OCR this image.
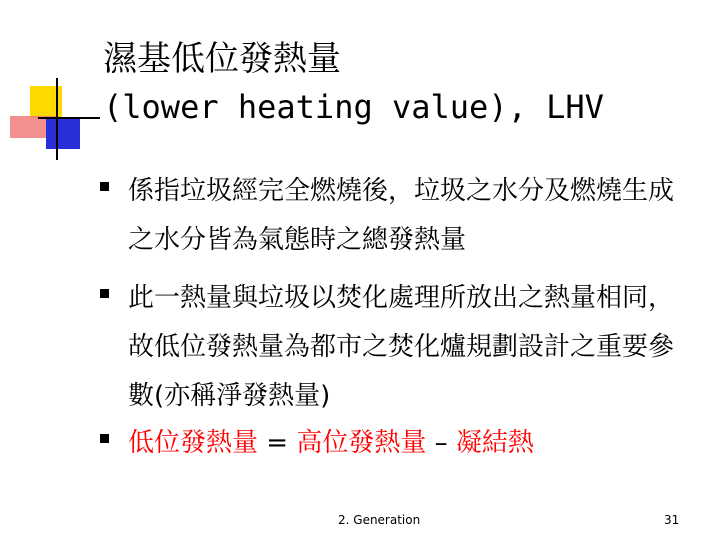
濕基低位發熱量
(lower heating value), LHV
係指垃圾經完全燃燒後，垃圾之水分及燃燒生成之水分皆為氣態時之總發熱量
此一熱量與垃圾以焚化處理所放出之熱量相同，故低位發熱量為都市之焚化爐規劃設計之重要參數(亦稱淨發熱量)
低位發熱量 = 高位發熱量 – 凝結熱
2. Generation	31
